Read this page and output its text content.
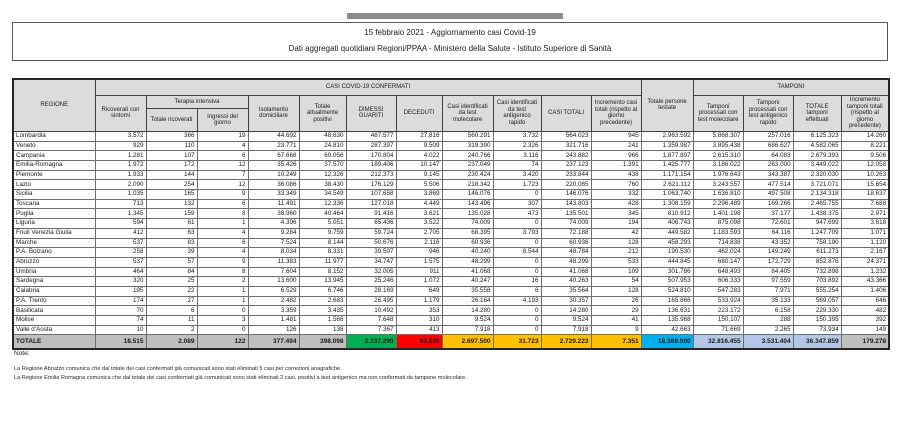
15 febbraio 2021 - Aggiornamento casi Covid-19
Dati aggregati quotidiani Regioni/PPAA - Ministero della Salute - Istituto Superiore di Sanità
REGIONE	CASI COVID-19 CONFERMATI											Totale persone testate	TAMPONI			
	Ricoverati con sintomi	Terapia intensiva		Isolamento domiciliare	Totale attualmente positivi	DIMESSI GUARITI	DECEDUTI	Casi identificati da test molecolare	Casi identificati da test antigenico rapido	CASI TOTALI	Incremento casi totali (rispetto al giorno precedente)		Tamponi processati con test molecolare	Tamponi processati con test antigenico rapido	TOTALE tamponi effettuati	Incremento tamponi totali (rispetto al giorno precedente)
		Totale ricoverati	Ingressi del giorno													
Lombardia	3.572	366	19	44.692	48.630	487.577	27.816	560.291	3.732	564.023	945	2.963.592	5.868.307	257.016	6.125.323	14.260
Veneto	929	110	4	23.771	24.810	287.397	9.509	319.390	2.326	321.716	241	1.359.987	3.895.438	686.627	4.582.065	8.221
Campania	1.281	107	6	67.668	69.056	170.804	4.022	240.766	3.116	243.882	966	1.877.897	2.615.310	64.083	2.679.393	9.506
Emilia-Romagna	1.972	172	12	35.426	37.570	189.406	10.147	237.049	74	237.123	1.391	1.425.777	3.186.022	263.000	3.449.022	12.058
Piemonte	1.933	144	7	10.249	12.326	212.373	9.145	230.424	3.420	233.844	438	1.171.154	1.976.643	343.387	2.320.030	10.263
Lazio	2.090	254	12	36.086	38.430	176.129	5.506	218.342	1.723	220.065	760	2.621.112	3.243.557	477.514	3.721.071	15.654
Sicilia	1.035	165	9	33.349	34.549	107.658	3.869	146.076	0	146.076	332	1.063.740	1.636.810	497.508	2.134.318	18.637
Toscana	713	132	6	11.491	12.336	127.018	4.449	143.496	307	143.803	428	1.308.159	2.296.489	169.266	2.465.755	7.688
Puglia	1.345	159	8	38.960	40.464	91.416	3.621	135.028	473	135.501	345	810.912	1.401.198	37.177	1.438.375	2.971
Liguria	594	61	1	4.396	5.051	65.436	3.522	74.009	0	74.009	194	406.743	875.098	72.601	947.699	3.618
Friuli Venezia Giulia	412	63	4	9.284	9.759	59.724	2.705	68.395	3.793	72.188	42	449.582	1.183.593	64.116	1.247.709	1.071
Marche	537	83	6	7.524	8.144	50.676	2.116	60.936	0	60.936	128	458.293	714.838	43.352	758.190	1.120
P.A. Bolzano	258	39	4	8.034	8.331	39.507	946	40.240	8.544	48.784	212	190.530	462.024	149.249	611.273	2.167
Abruzzo	537	57	9	11.383	11.977	34.747	1.575	48.299	0	48.299	533	444.845	680.147	172.729	852.876	24.371
Umbria	464	84	8	7.604	8.152	32.005	911	41.068	0	41.068	109	301.786	648.493	84.405	732.898	1.232
Sardegna	320	25	2	13.600	13.945	25.246	1.072	40.247	16	40.263	54	507.953	606.333	97.559	703.892	43.366
Calabria	195	22	1	6.529	6.746	28.169	649	35.558	6	35.564	128	524.810	547.283	7.971	555.254	1.406
P.A. Trento	174	27	1	2.482	2.683	26.495	1.179	26.164	4.193	30.357	26	165.866	533.924	35.133	569.057	646
Basilicata	70	6	0	3.359	3.435	10.492	353	14.280	0	14.280	29	136.631	223.172	6.158	229.330	482
Molise	74	11	3	1.481	1.566	7.648	310	9.524	0	9.524	41	135.968	150.107	288	150.395	392
Valle d'Aosta	10	2	0	126	138	7.367	413	7.918	0	7.918	9	42.663	71.669	2.265	73.934	149
TOTALE	18.515	2.089	122	377.494	398.098	2.237.290	93.835	2.697.500	31.723	2.729.223	7.351	18.368.000	32.816.455	3.531.404	36.347.859	179.278
Note:
La Regione Abruzzo comunica che dal totale dei casi confermati già comunicati sono stati eliminati 5 casi per correzioni anagrafiche.
La Regione Emilia Romagna comunica che dal totale dei casi confermati già comunicati sono stati eliminati 2 casi, positivi a test antigenico ma non confermati da tampone molecolare.
